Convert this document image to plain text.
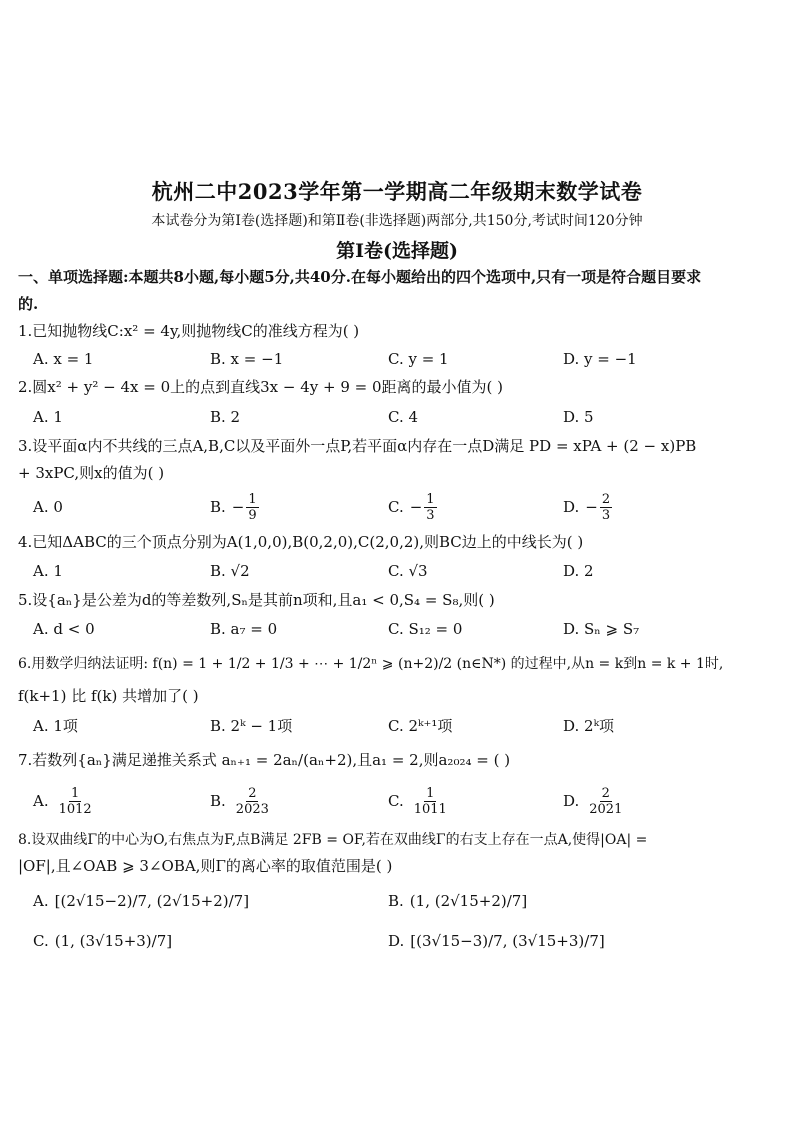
杭州二中2023学年第一学期高二年级期末数学试卷
本试卷分为第Ⅰ卷(选择题)和第Ⅱ卷(非选择题)两部分,共150分,考试时间120分钟
第Ⅰ卷(选择题)
一、单项选择题:本题共8小题,每小题5分,共40分.在每小题给出的四个选项中,只有一项是符合题目要求
的.
1.已知抛物线C:x² = 4y,则抛物线C的准线方程为( )
A. x = 1	B. x = −1	C. y = 1	D. y = −1
2.圆x² + y² − 4x = 0上的点到直线3x − 4y + 9 = 0距离的最小值为( )
A. 1	B. 2	C. 4	D. 5
3.设平面α内不共线的三点A,B,C以及平面外一点P,若平面α内存在一点D满足 PD = xPA + (2 − x)PB
+ 3xPC,则x的值为( )
A. 0	B. − $\frac{1}{9}$	C. − $\frac{1}{3}$	D. − $\frac{2}{3}$
4.已知ΔABC的三个顶点分别为A(1,0,0),B(0,2,0),C(2,0,2),则BC边上的中线长为( )
A. 1	B. √2	C. √3	D. 2
5.设{aₙ}是公差为d的等差数列,Sₙ是其前n项和,且a₁ < 0,S₄ = S₈,则( )
A. d < 0	B. a₇ = 0	C. S₁₂ = 0	D. Sₙ ⩾ S₇
6.用数学归纳法证明: f(n) = 1 + 1/2 + 1/3 + ⋯ + 1/2ⁿ ⩾ (n+2)/2 (n∈N*) 的过程中,从n = k到n = k + 1时,
f(k+1) 比 f(k) 共增加了( )
A. 1项	B. 2ᵏ − 1项	C. 2ᵏ⁺¹项	D. 2ᵏ项
7.若数列{aₙ}满足递推关系式 aₙ₊₁ = 2aₙ/(aₙ+2),且a₁ = 2,则a₂₀₂₄ = ( )
A. $\frac{1}{1012}$	B. $\frac{2}{2023}$	C. $\frac{1}{1011}$	D. $\frac{2}{2021}$
8.设双曲线Γ的中心为O,右焦点为F,点B满足 2FB = OF,若在双曲线Γ的右支上存在一点A,使得|OA| =
|OF|,且∠OAB ⩾ 3∠OBA,则Γ的离心率的取值范围是( )
A. [(2√15−2)/7, (2√15+2)/7]	B. (1, (2√15+2)/7]
C. (1, (3√15+3)/7]	D. [(3√15−3)/7, (3√15+3)/7]
